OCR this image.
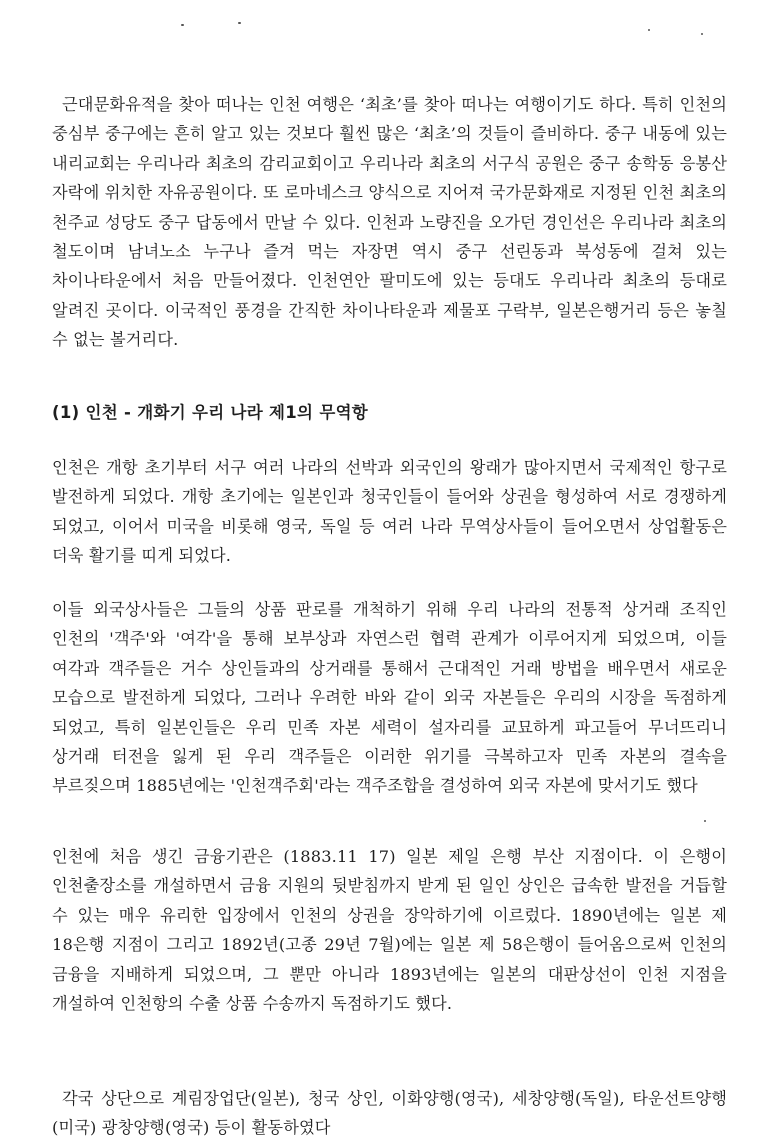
근대문화유적을 찾아 떠나는 인천 여행은 ‘최초’를 찾아 떠나는 여행이기도 하다. 특히 인천의 중심부 중구에는 흔히 알고 있는 것보다 훨씬 많은 ‘최초’의 것들이 즐비하다. 중구 내동에 있는 내리교회는 우리나라 최초의 감리교회이고 우리나라 최초의 서구식 공원은 중구 송학동 응봉산 자락에 위치한 자유공원이다. 또 로마네스크 양식으로 지어져 국가문화재로 지정된 인천 최초의 천주교 성당도 중구 답동에서 만날 수 있다. 인천과 노량진을 오가던 경인선은 우리나라 최초의 철도이며 남녀노소 누구나 즐겨 먹는 자장면 역시 중구 선린동과 북성동에 걸쳐 있는 차이나타운에서 처음 만들어졌다. 인천연안 팔미도에 있는 등대도 우리나라 최초의 등대로 알려진 곳이다. 이국적인 풍경을 간직한 차이나타운과 제물포 구락부, 일본은행거리 등은 놓칠 수 없는 볼거리다.

(1) 인천 - 개화기 우리 나라 제1의 무역항

인천은 개항 초기부터 서구 여러 나라의 선박과 외국인의 왕래가 많아지면서 국제적인 항구로 발전하게 되었다. 개항 초기에는 일본인과 청국인들이 들어와 상권을 형성하여 서로 경쟁하게 되었고, 이어서 미국을 비롯해 영국, 독일 등 여러 나라 무역상사들이 들어오면서 상업활동은 더욱 활기를 띠게 되었다.

이들 외국상사들은 그들의 상품 판로를 개척하기 위해 우리 나라의 전통적 상거래 조직인 인천의 '객주'와 '여각'을 통해 보부상과 자연스런 협력 관계가 이루어지게 되었으며, 이들 여각과 객주들은 거수 상인들과의 상거래를 통해서 근대적인 거래 방법을 배우면서 새로운 모습으로 발전하게 되었다, 그러나 우려한 바와 같이 외국 자본들은 우리의 시장을 독점하게 되었고, 특히 일본인들은 우리 민족 자본 세력이 설자리를 교묘하게 파고들어 무너뜨리니 상거래 터전을 잃게 된 우리 객주들은 이러한 위기를 극복하고자 민족 자본의 결속을 부르짖으며 1885년에는 '인천객주회'라는 객주조합을 결성하여 외국 자본에 맞서기도 했다

인천에 처음 생긴 금융기관은 (1883.11 17) 일본 제일 은행 부산 지점이다. 이 은행이 인천출장소를 개설하면서 금융 지원의 뒷받침까지 받게 된 일인 상인은 급속한 발전을 거듭할 수 있는 매우 유리한 입장에서 인천의 상권을 장악하기에 이르렀다. 1890년에는 일본 제 18은행 지점이 그리고 1892년(고종 29년 7월)에는 일본 제 58은행이 들어옴으로써 인천의 금융을 지배하게 되었으며, 그 뿐만 아니라 1893년에는 일본의 대판상선이 인천 지점을 개설하여 인천항의 수출 상품 수송까지 독점하기도 했다.

각국 상단으로 계림장업단(일본), 청국 상인, 이화양행(영국), 세창양행(독일), 타운선트양행(미국) 광창양행(영국) 등이 활동하였다
